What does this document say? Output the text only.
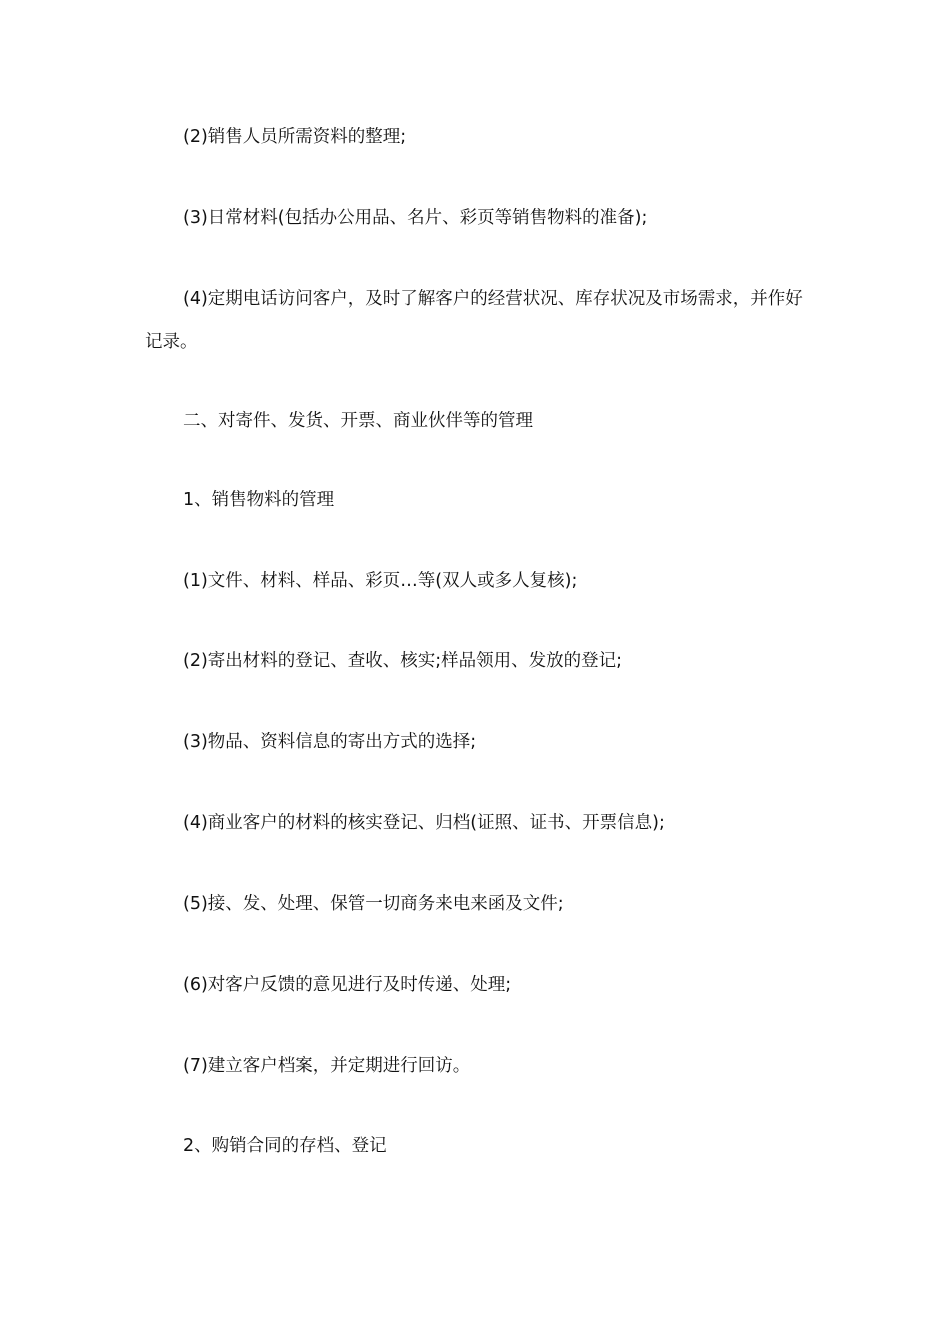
(2)销售人员所需资料的整理;

(3)日常材料(包括办公用品、名片、彩页等销售物料的准备);

(4)定期电话访问客户，及时了解客户的经营状况、库存状况及市场需求，并作好记录。

二、对寄件、发货、开票、商业伙伴等的管理

1、销售物料的管理

(1)文件、材料、样品、彩页…等(双人或多人复核);

(2)寄出材料的登记、查收、核实;样品领用、发放的登记;

(3)物品、资料信息的寄出方式的选择;

(4)商业客户的材料的核实登记、归档(证照、证书、开票信息);

(5)接、发、处理、保管一切商务来电来函及文件;

(6)对客户反馈的意见进行及时传递、处理;

(7)建立客户档案，并定期进行回访。

2、购销合同的存档、登记
